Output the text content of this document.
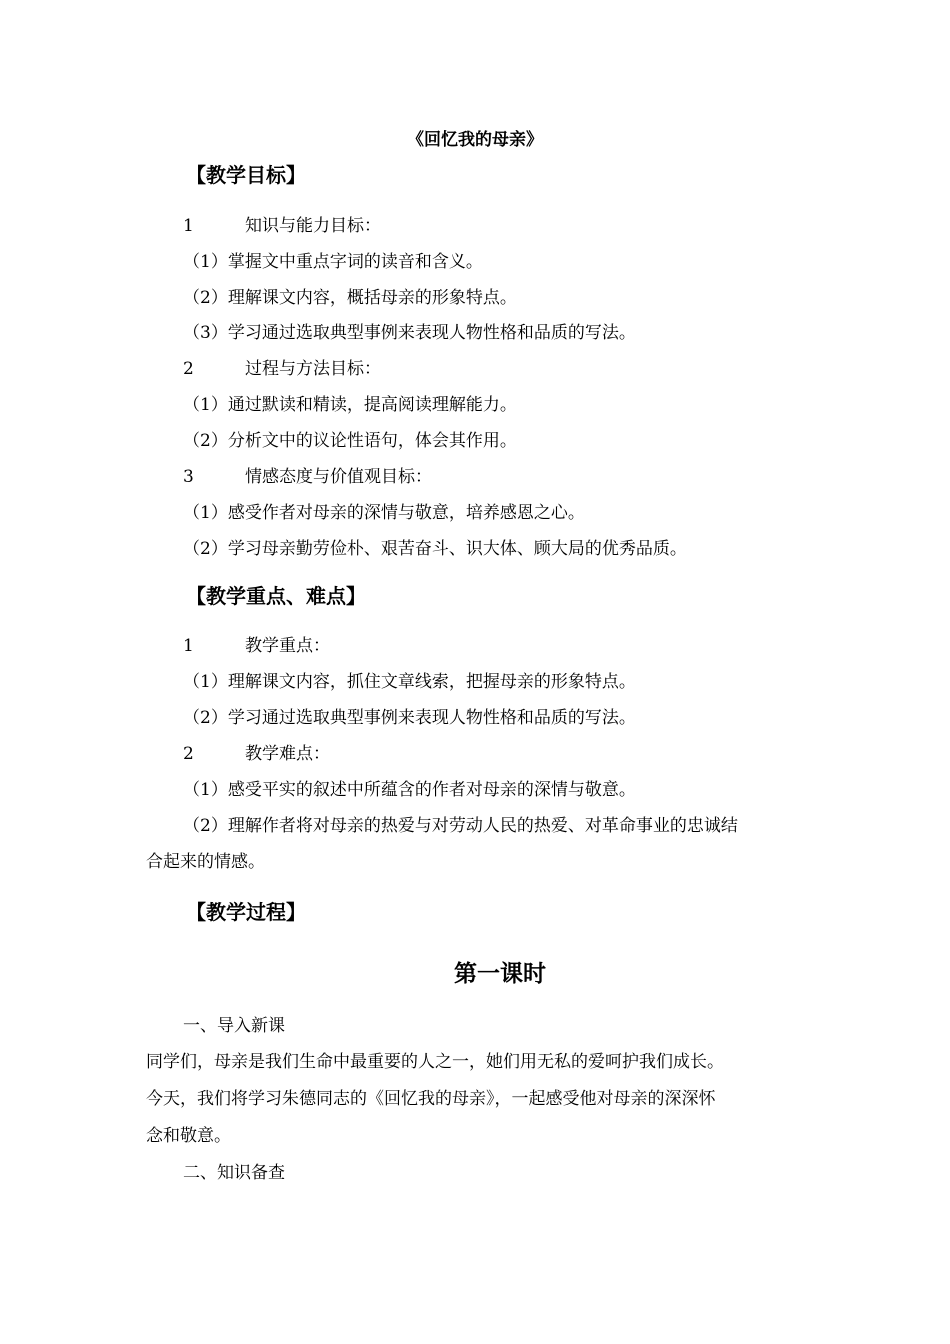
《回忆我的母亲》
【教学目标】
1	知识与能力目标：
（1）掌握文中重点字词的读音和含义。
（2）理解课文内容，概括母亲的形象特点。
（3）学习通过选取典型事例来表现人物性格和品质的写法。
2	过程与方法目标：
（1）通过默读和精读，提高阅读理解能力。
（2）分析文中的议论性语句，体会其作用。
3	情感态度与价值观目标：
（1）感受作者对母亲的深情与敬意，培养感恩之心。
（2）学习母亲勤劳俭朴、艰苦奋斗、识大体、顾大局的优秀品质。
【教学重点、难点】
1	教学重点：
（1）理解课文内容，抓住文章线索，把握母亲的形象特点。
（2）学习通过选取典型事例来表现人物性格和品质的写法。
2	教学难点：
（1）感受平实的叙述中所蕴含的作者对母亲的深情与敬意。
（2）理解作者将对母亲的热爱与对劳动人民的热爱、对革命事业的忠诚结
合起来的情感。
【教学过程】
第一课时
一、导入新课
同学们，母亲是我们生命中最重要的人之一，她们用无私的爱呵护我们成长。
今天，我们将学习朱德同志的《回忆我的母亲》，一起感受他对母亲的深深怀
念和敬意。
二、知识备查
